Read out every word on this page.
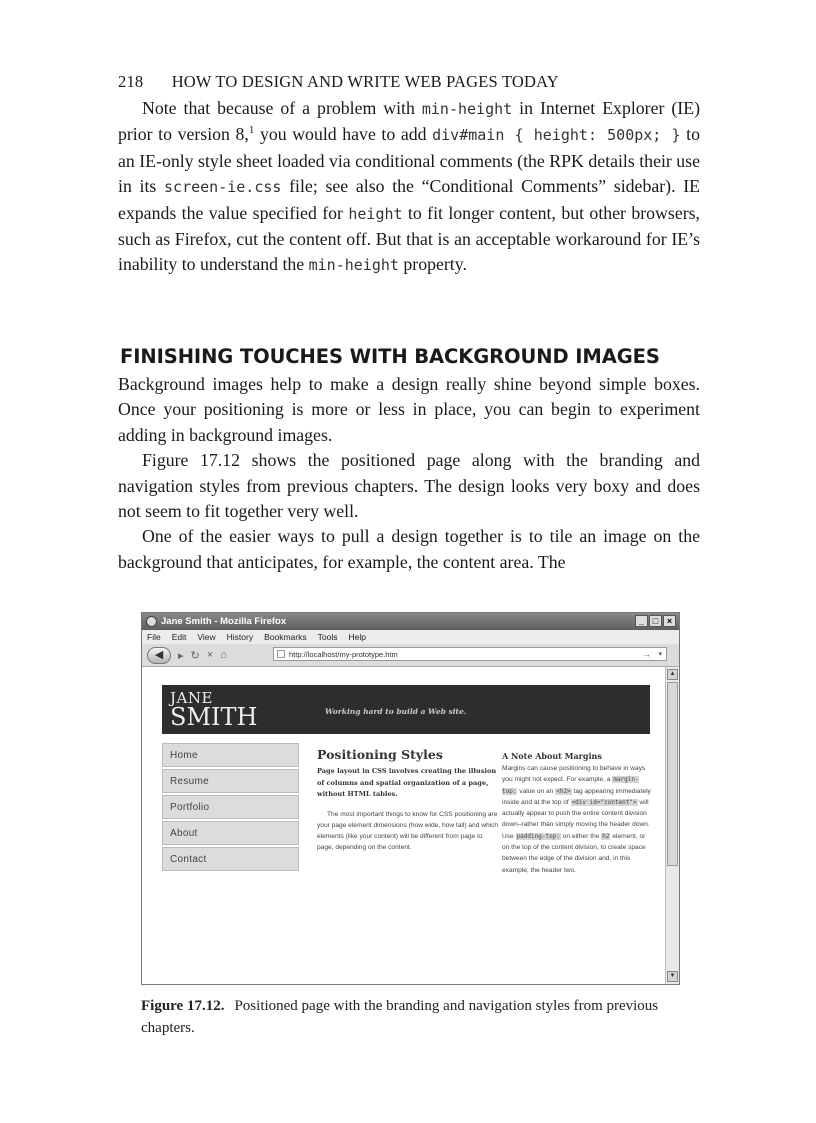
218 HOW TO DESIGN AND WRITE WEB PAGES TODAY

Note that because of a problem with min-height in Internet Explorer (IE) prior to version 8,$^1$ you would have to add div#main { height: 500px; } to an IE-only style sheet loaded via conditional comments (the RPK details their use in its screen-ie.css file; see also the “Conditional Comments” sidebar). IE expands the value specified for height to fit longer content, but other browsers, such as Firefox, cut the content off. But that is an acceptable workaround for IE’s inability to understand the min-height property.

FINISHING TOUCHES WITH BACKGROUND IMAGES

Background images help to make a design really shine beyond simple boxes. Once your positioning is more or less in place, you can begin to experiment adding in background images.

Figure 17.12 shows the positioned page along with the branding and navigation styles from previous chapters. The design looks very boxy and does not seem to fit together very well.

One of the easier ways to pull a design together is to tile an image on the background that anticipates, for example, the content area. The

Jane Smith - Mozilla Firefox	_ □ ×
File Edit View History Bookmarks Tools Help
◀	▸ ↻ × ⌂	http://localhost/my-prototype.htm	→ ▾
JANE
SMITH	Working hard to build a Web site.
Home
Resume
Portfolio
About
Contact
Positioning Styles
Page layout in CSS involves creating the illusion of columns and spatial organization of a page, without HTML tables.
The most important things to know for CSS positioning are your page element dimensions (how wide, how tall) and which elements (like your content) will be different from page to page, depending on the content.
A Note About Margins
Margins can cause positioning to behave in ways you might not expect. For example, a margin-top: value on an <h2> tag appearing immediately inside and at the top of <div id="content"> will actually appear to push the entire content division down–rather than simply moving the header down. Use padding-top: on either the h2 element, or on the top of the content division, to create space between the edge of the division and, in this example, the header two.
▲
▼
Figure 17.12. Positioned page with the branding and navigation styles from previous chapters.
